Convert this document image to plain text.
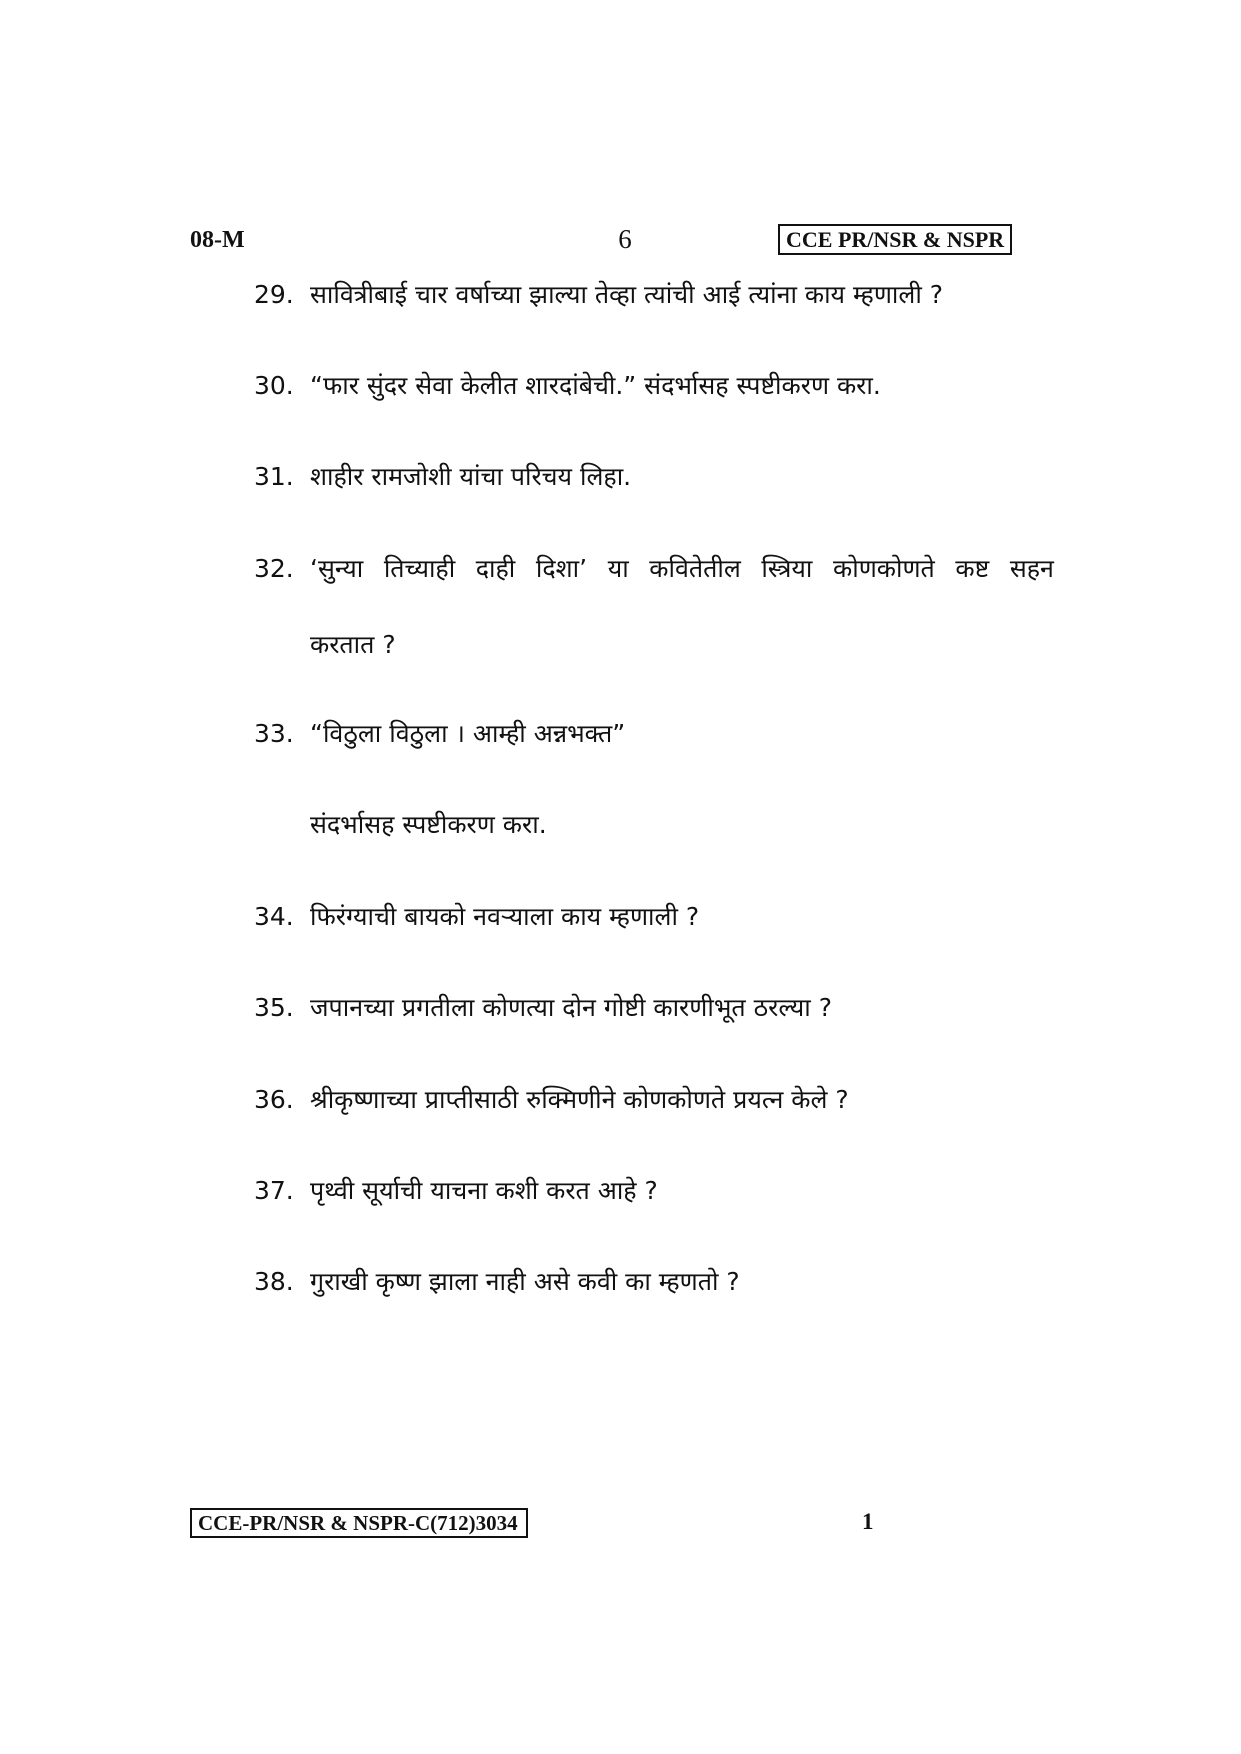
08-M	6	CCE PR/NSR & NSPR
29. सावित्रीबाई चार वर्षाच्या झाल्या तेव्हा त्यांची आई त्यांना काय म्हणाली ?
30. “फार सुंदर सेवा केलीत शारदांबेची.” संदर्भासह स्पष्टीकरण करा.
31. शाहीर रामजोशी यांचा परिचय लिहा.
32. ‘सुन्या तिच्याही दाही दिशा’ या कवितेतील स्त्रिया कोणकोणते कष्ट सहन
करतात ?
33. “विठुला विठुला । आम्ही अन्नभक्त”
संदर्भासह स्पष्टीकरण करा.
34. फिरंग्याची बायको नवऱ्याला काय म्हणाली ?
35. जपानच्या प्रगतीला कोणत्या दोन गोष्टी कारणीभूत ठरल्या ?
36. श्रीकृष्णाच्या प्राप्तीसाठी रुक्मिणीने कोणकोणते प्रयत्न केले ?
37. पृथ्वी सूर्याची याचना कशी करत आहे ?
38. गुराखी कृष्ण झाला नाही असे कवी का म्हणतो ?
CCE-PR/NSR & NSPR-C(712)3034	1
